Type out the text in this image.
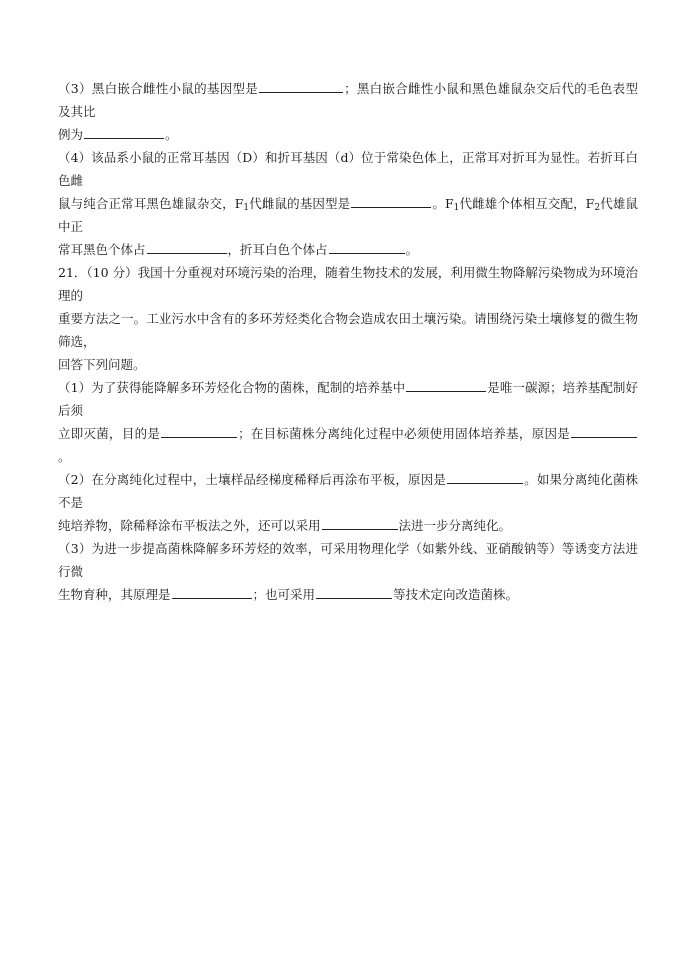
（3）黑白嵌合雌性小鼠的基因型是	；黑白嵌合雌性小鼠和黑色雄鼠杂交后代的毛色表型及其比

例为	。

（4）该品系小鼠的正常耳基因（D）和折耳基因（d）位于常染色体上，正常耳对折耳为显性。若折耳白色雌

鼠与纯合正常耳黑色雄鼠杂交，$F_1$代雌鼠的基因型是	。$F_1$代雌雄个体相互交配，$F_2$代雄鼠中正

常耳黑色个体占	，折耳白色个体占	。

21．（10 分）我国十分重视对环境污染的治理，随着生物技术的发展，利用微生物降解污染物成为环境治理的

重要方法之一。工业污水中含有的多环芳烃类化合物会造成农田土壤污染。请围绕污染土壤修复的微生物筛选，

回答下列问题。

（1）为了获得能降解多环芳烃化合物的菌株，配制的培养基中	是唯一碳源；培养基配制好后须

立即灭菌，目的是	；在目标菌株分离纯化过程中必须使用固体培养基，原因是。

（2）在分离纯化过程中，土壤样品经梯度稀释后再涂布平板，原因是	。如果分离纯化菌株不是

纯培养物，除稀释涂布平板法之外，还可以采用	法进一步分离纯化。

（3）为进一步提高菌株降解多环芳烃的效率，可采用物理化学（如紫外线、亚硝酸钠等）等诱变方法进行微

生物育种，其原理是	；也可采用	等技术定向改造菌株。
